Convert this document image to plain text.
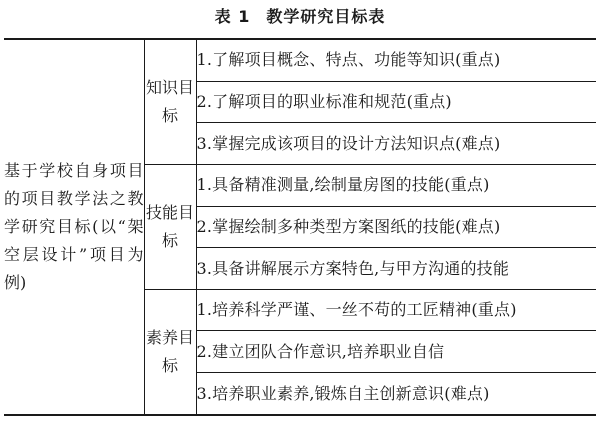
表 1 教学研究目标表
基于学校自身项目的项目教学法之教学研究目标(以“架空层设计”项目为例)	知识目标	1.了解项目概念、特点、功能等知识(重点)
		2.了解项目的职业标准和规范(重点)
		3.掌握完成该项目的设计方法知识点(难点)
	技能目标	1.具备精准测量,绘制量房图的技能(重点)
		2.掌握绘制多种类型方案图纸的技能(难点)
		3.具备讲解展示方案特色,与甲方沟通的技能
	素养目标	1.培养科学严谨、一丝不苟的工匠精神(重点)
		2.建立团队合作意识,培养职业自信
		3.培养职业素养,锻炼自主创新意识(难点)
